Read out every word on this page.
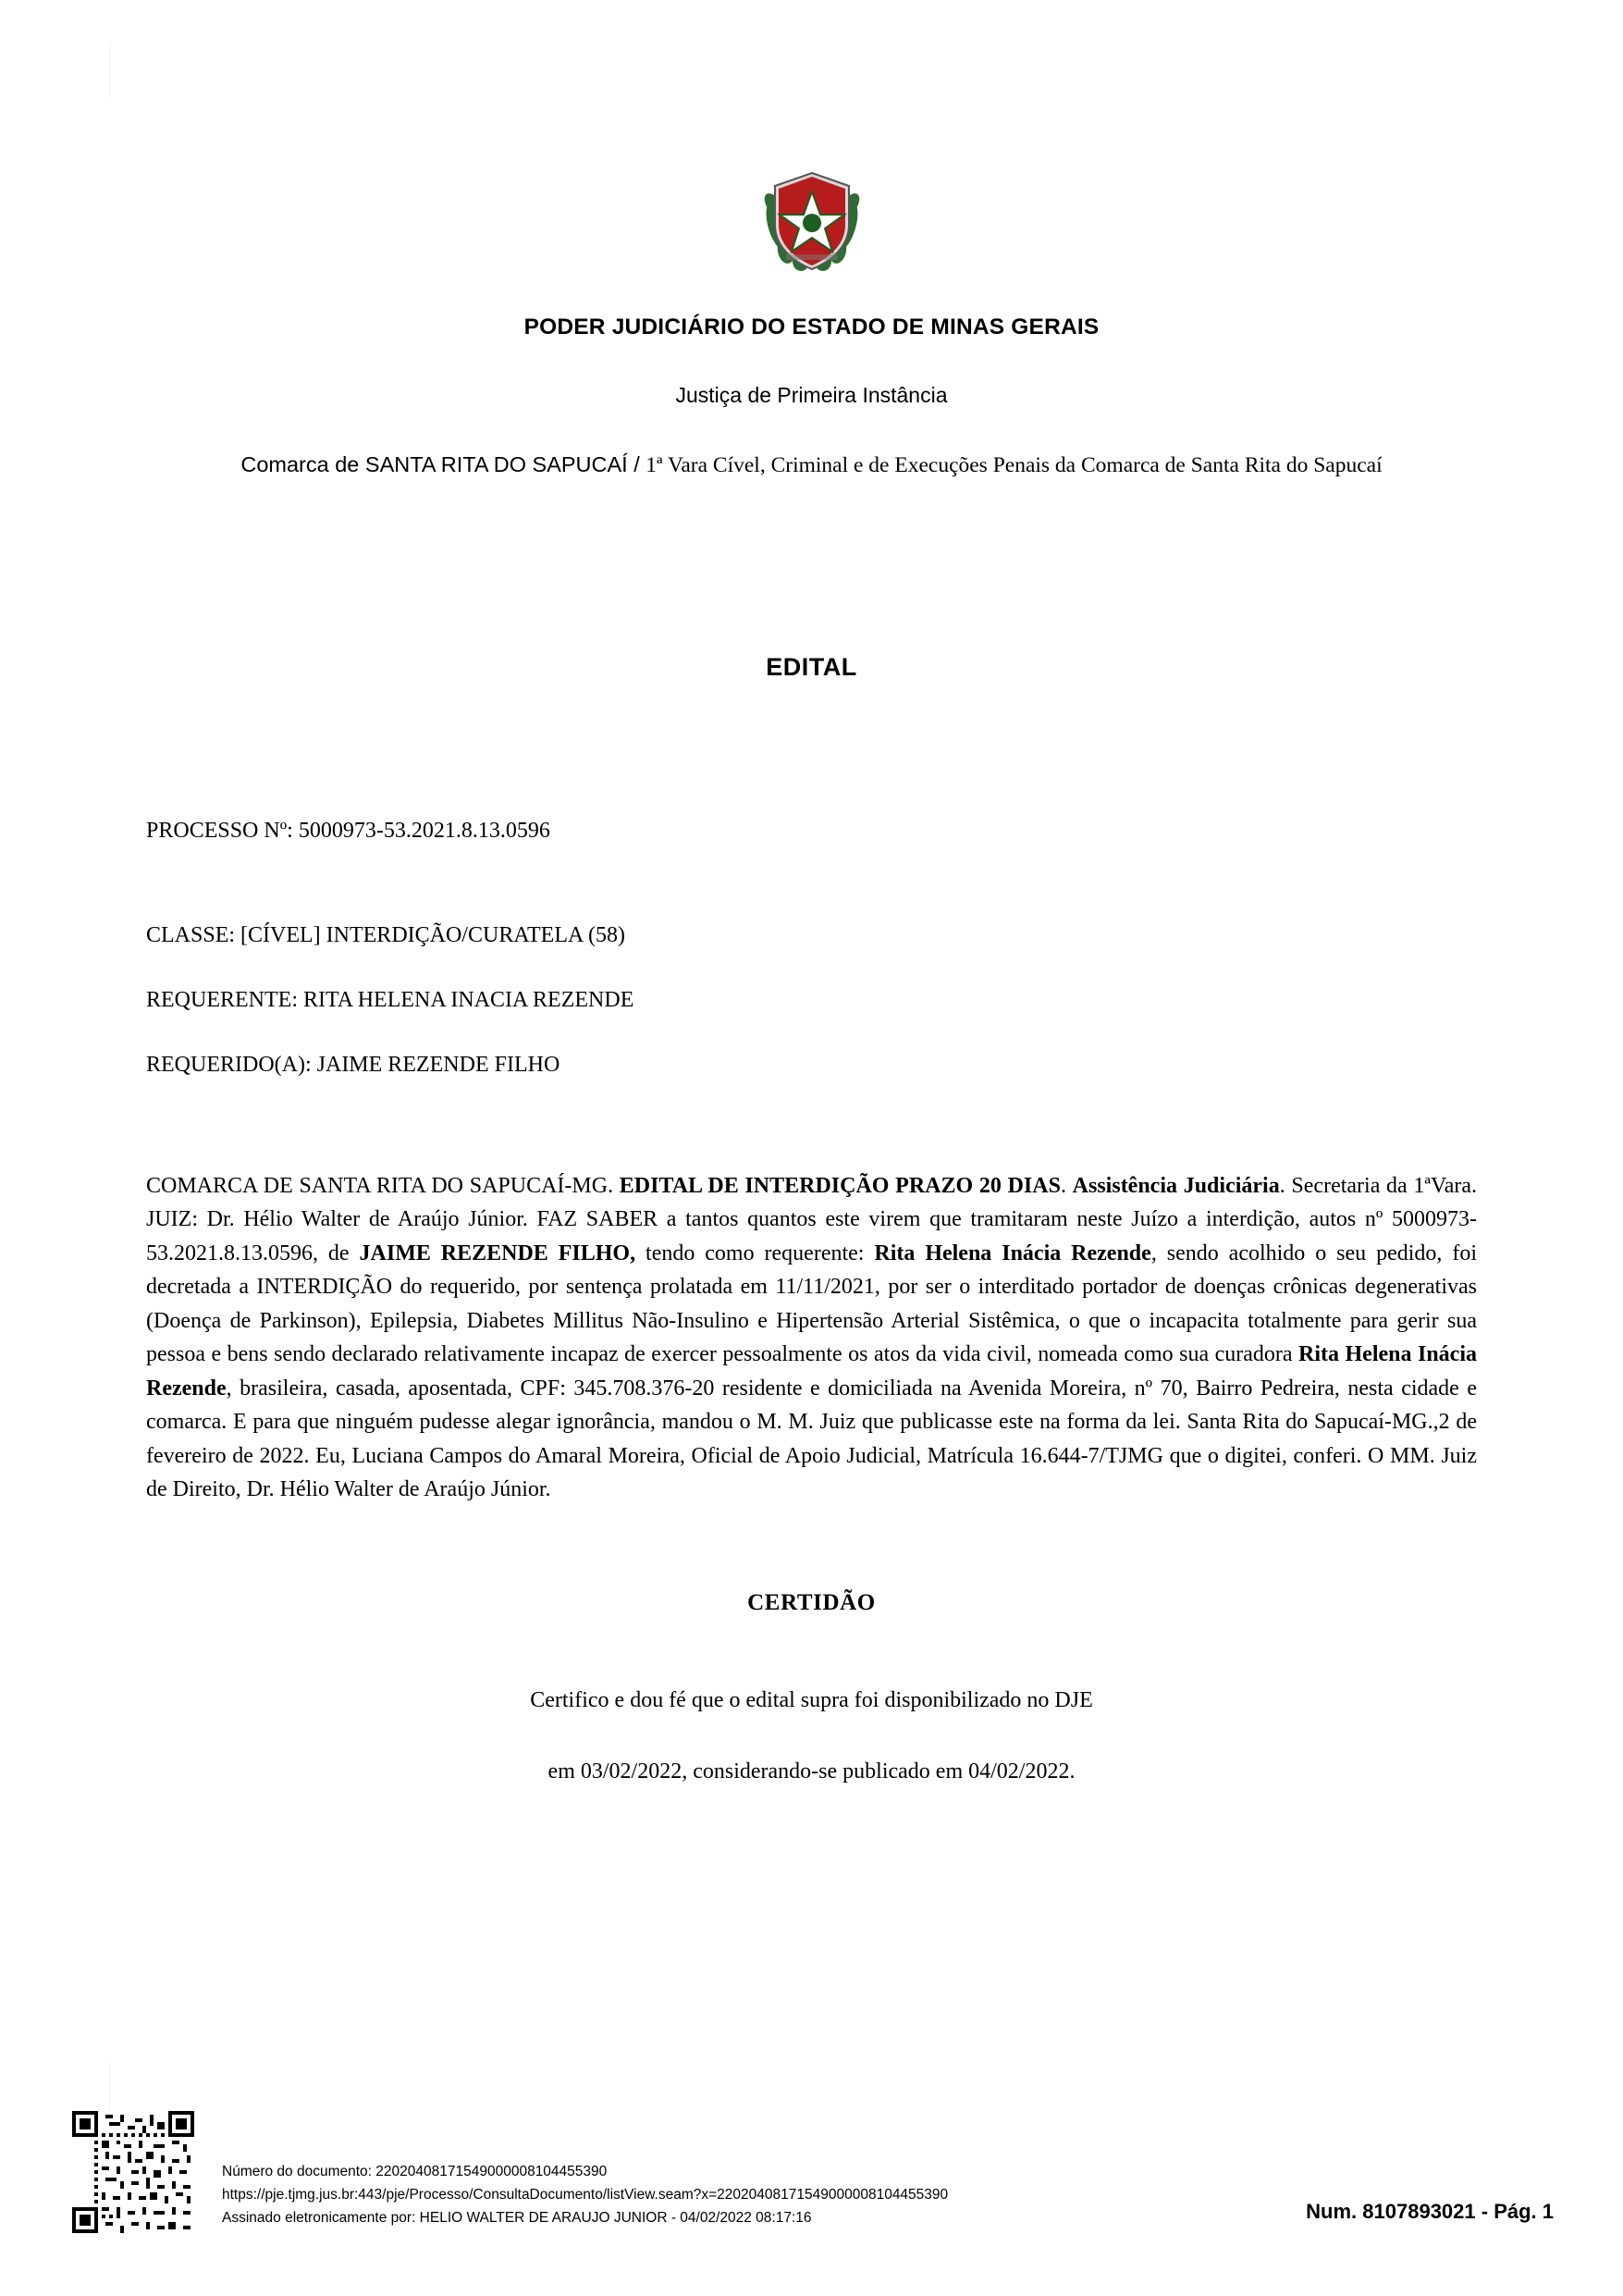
PODER JUDICIÁRIO DO ESTADO DE MINAS GERAIS
Justiça de Primeira Instância
Comarca de SANTA RITA DO SAPUCAÍ / 1ª Vara Cível, Criminal e de Execuções Penais da Comarca de Santa Rita do Sapucaí
EDITAL
PROCESSO Nº: 5000973-53.2021.8.13.0596
CLASSE: [CÍVEL] INTERDIÇÃO/CURATELA (58)
REQUERENTE: RITA HELENA INACIA REZENDE
REQUERIDO(A): JAIME REZENDE FILHO
COMARCA DE SANTA RITA DO SAPUCAÍ-MG. EDITAL DE INTERDIÇÃO PRAZO 20 DIAS. Assistência Judiciária. Secretaria da 1ªVara. JUIZ: Dr. Hélio Walter de Araújo Júnior. FAZ SABER a tantos quantos este virem que tramitaram neste Juízo a interdição, autos nº 5000973-53.2021.8.13.0596, de JAIME REZENDE FILHO, tendo como requerente: Rita Helena Inácia Rezende, sendo acolhido o seu pedido, foi decretada a INTERDIÇÃO do requerido, por sentença prolatada em 11/11/2021, por ser o interditado portador de doenças crônicas degenerativas (Doença de Parkinson), Epilepsia, Diabetes Millitus Não-Insulino e Hipertensão Arterial Sistêmica, o que o incapacita totalmente para gerir sua pessoa e bens sendo declarado relativamente incapaz de exercer pessoalmente os atos da vida civil, nomeada como sua curadora Rita Helena Inácia Rezende, brasileira, casada, aposentada, CPF: 345.708.376-20 residente e domiciliada na Avenida Moreira, nº 70, Bairro Pedreira, nesta cidade e comarca. E para que ninguém pudesse alegar ignorância, mandou o M. M. Juiz que publicasse este na forma da lei. Santa Rita do Sapucaí-MG.,2 de fevereiro de 2022. Eu, Luciana Campos do Amaral Moreira, Oficial de Apoio Judicial, Matrícula 16.644-7/TJMG que o digitei, conferi. O MM. Juiz de Direito, Dr. Hélio Walter de Araújo Júnior.
CERTIDÃO
Certifico e dou fé que o edital supra foi disponibilizado no DJE
em 03/02/2022, considerando-se publicado em 04/02/2022.
Número do documento: 22020408171549000008104455390
https://pje.tjmg.jus.br:443/pje/Processo/ConsultaDocumento/listView.seam?x=22020408171549000008104455390
Assinado eletronicamente por: HELIO WALTER DE ARAUJO JUNIOR - 04/02/2022 08:17:16	Num. 8107893021 - Pág. 1
